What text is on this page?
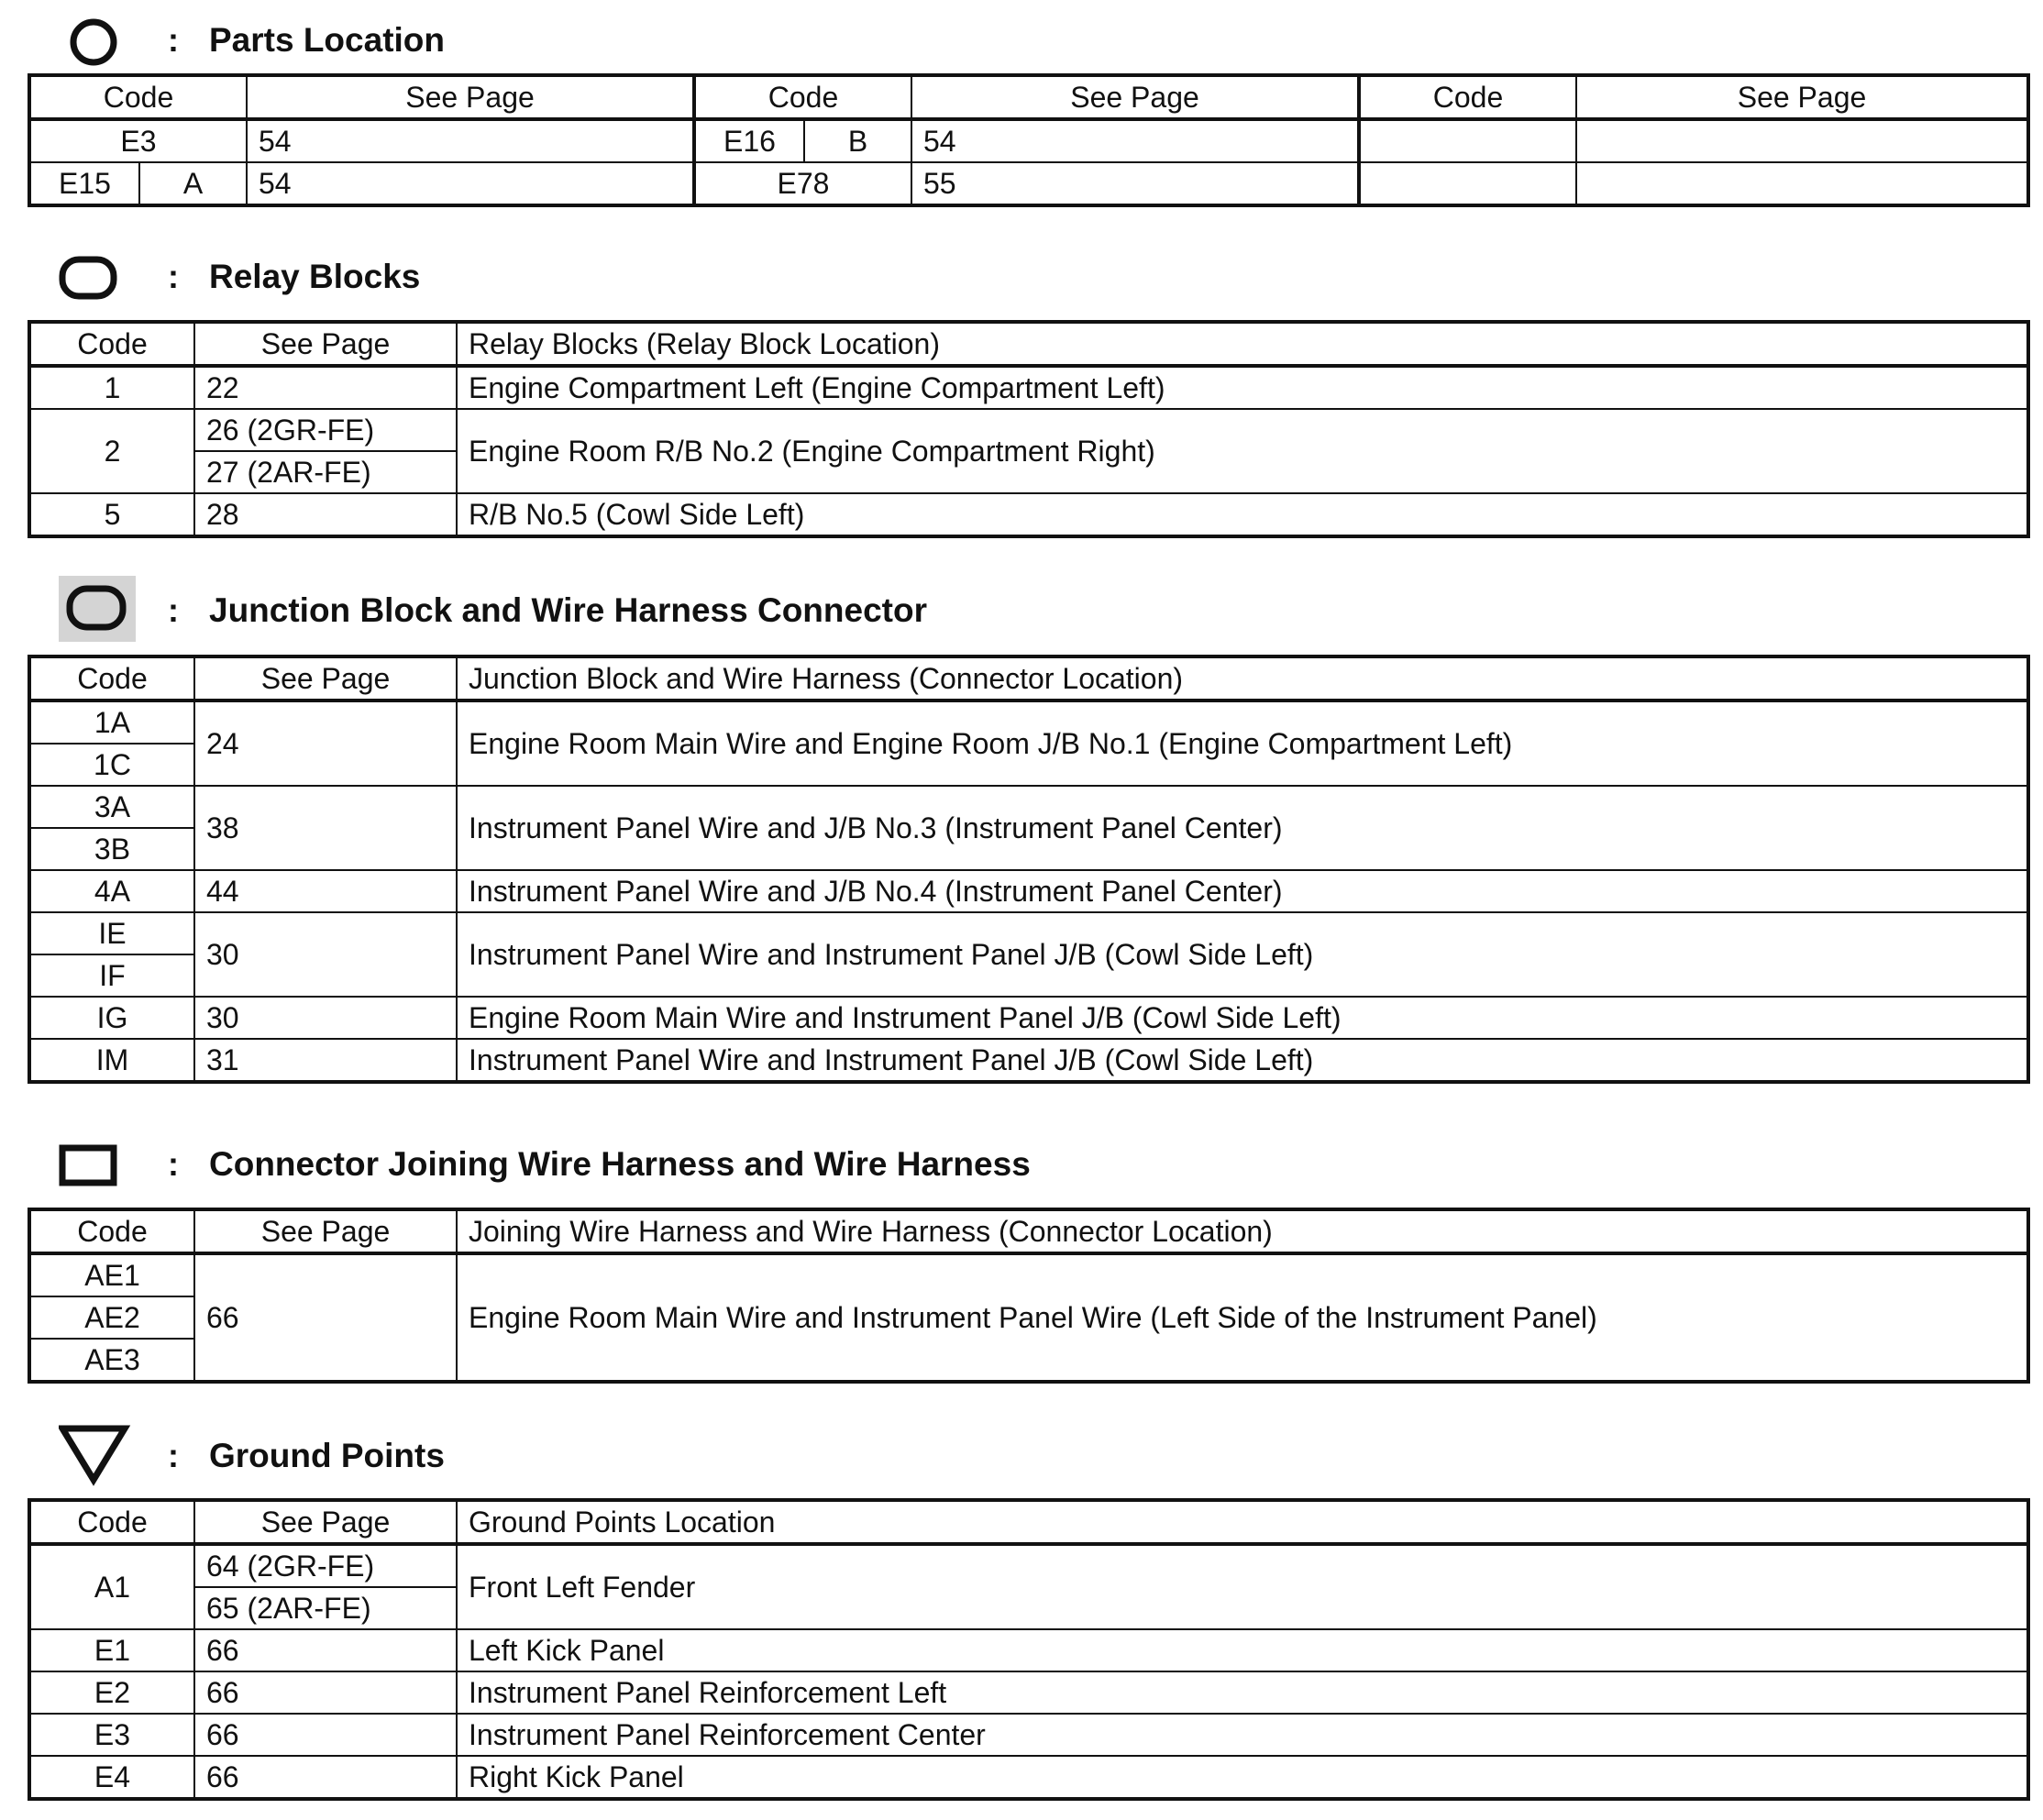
: Parts Location
Code		See Page	Code		See Page	Code	See Page
E3		54	E16	B	54		
E15	A	54	E78		55		
: Relay Blocks
Code	See Page	Relay Blocks (Relay Block Location)
1	22	Engine Compartment Left (Engine Compartment Left)
2	26 (2GR-FE)	Engine Room R/B No.2 (Engine Compartment Right)
	27 (2AR-FE)	
5	28	R/B No.5 (Cowl Side Left)
: Junction Block and Wire Harness Connector
Code	See Page	Junction Block and Wire Harness (Connector Location)
1A	24	Engine Room Main Wire and Engine Room J/B No.1 (Engine Compartment Left)
1C		
3A	38	Instrument Panel Wire and J/B No.3 (Instrument Panel Center)
3B		
4A	44	Instrument Panel Wire and J/B No.4 (Instrument Panel Center)
IE	30	Instrument Panel Wire and Instrument Panel J/B (Cowl Side Left)
IF		
IG	30	Engine Room Main Wire and Instrument Panel J/B (Cowl Side Left)
IM	31	Instrument Panel Wire and Instrument Panel J/B (Cowl Side Left)
: Connector Joining Wire Harness and Wire Harness
Code	See Page	Joining Wire Harness and Wire Harness (Connector Location)
AE1	66	Engine Room Main Wire and Instrument Panel Wire (Left Side of the Instrument Panel)
AE2		
AE3		
: Ground Points
Code	See Page	Ground Points Location
A1	64 (2GR-FE)	Front Left Fender
	65 (2AR-FE)	
E1	66	Left Kick Panel
E2	66	Instrument Panel Reinforcement Left
E3	66	Instrument Panel Reinforcement Center
E4	66	Right Kick Panel
